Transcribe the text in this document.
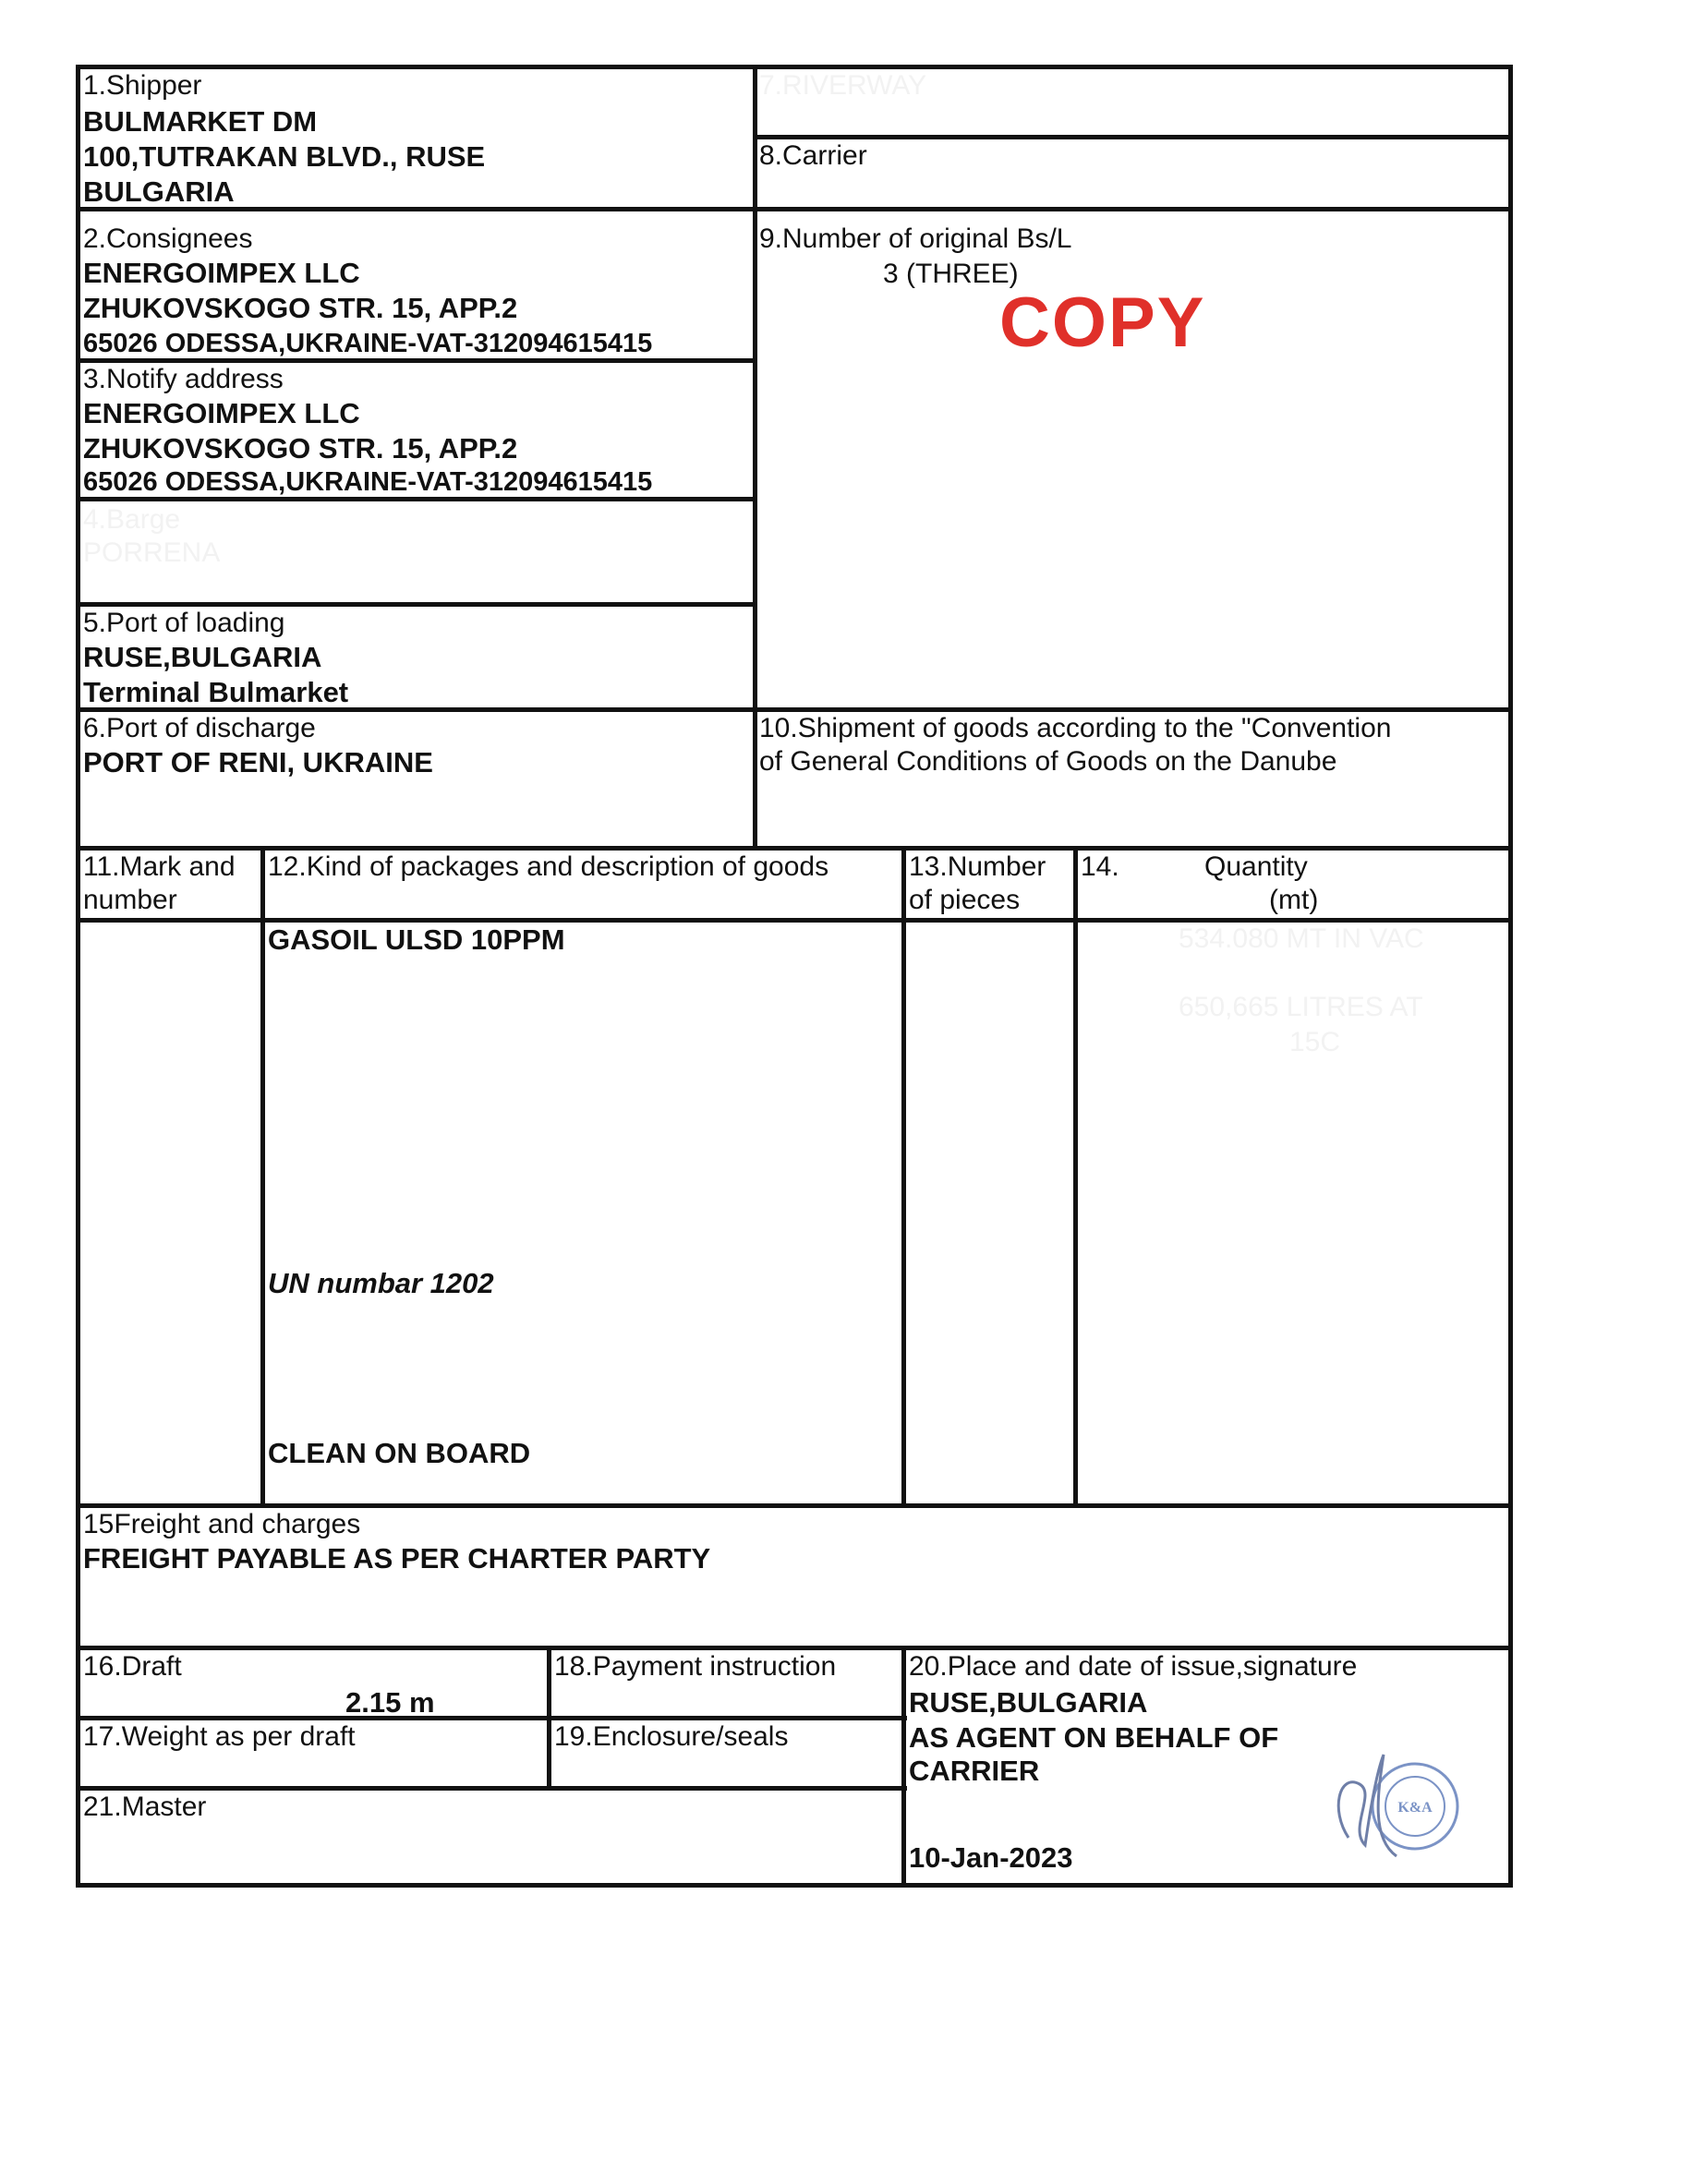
1.Shipper
BULMARKET DM
100,TUTRAKAN BLVD., RUSE
BULGARIA
7.RIVERWAY
8.Carrier
2.Consignees
ENERGOIMPEX LLC
ZHUKOVSKOGO STR. 15, APP.2
65026 ODESSA,UKRAINE-VAT-312094615415
9.Number of original Bs/L
3 (THREE)
COPY
3.Notify address
ENERGOIMPEX LLC
ZHUKOVSKOGO STR. 15, APP.2
65026 ODESSA,UKRAINE-VAT-312094615415
4.Barge
PORRENA
5.Port of loading
RUSE,BULGARIA
Terminal Bulmarket
6.Port of discharge
PORT OF RENI, UKRAINE
10.Shipment of goods according to the "Convention
of General Conditions of Goods on the Danube
11.Mark and
number
12.Kind of packages and description of goods	13.Number
of pieces
14.	Quantity
(mt)
GASOIL ULSD 10PPM
UN numbar 1202
CLEAN ON BOARD
534.080 MT IN VAC
650,665 LITRES AT
15C
15Freight and charges
FREIGHT PAYABLE AS PER CHARTER PARTY
16.Draft
2.15 m
17.Weight as per draft
18.Payment instruction
19.Enclosure/seals
21.Master
20.Place and date of issue,signature
RUSE,BULGARIA
AS AGENT ON BEHALF OF
CARRIER
10-Jan-2023
K&A
